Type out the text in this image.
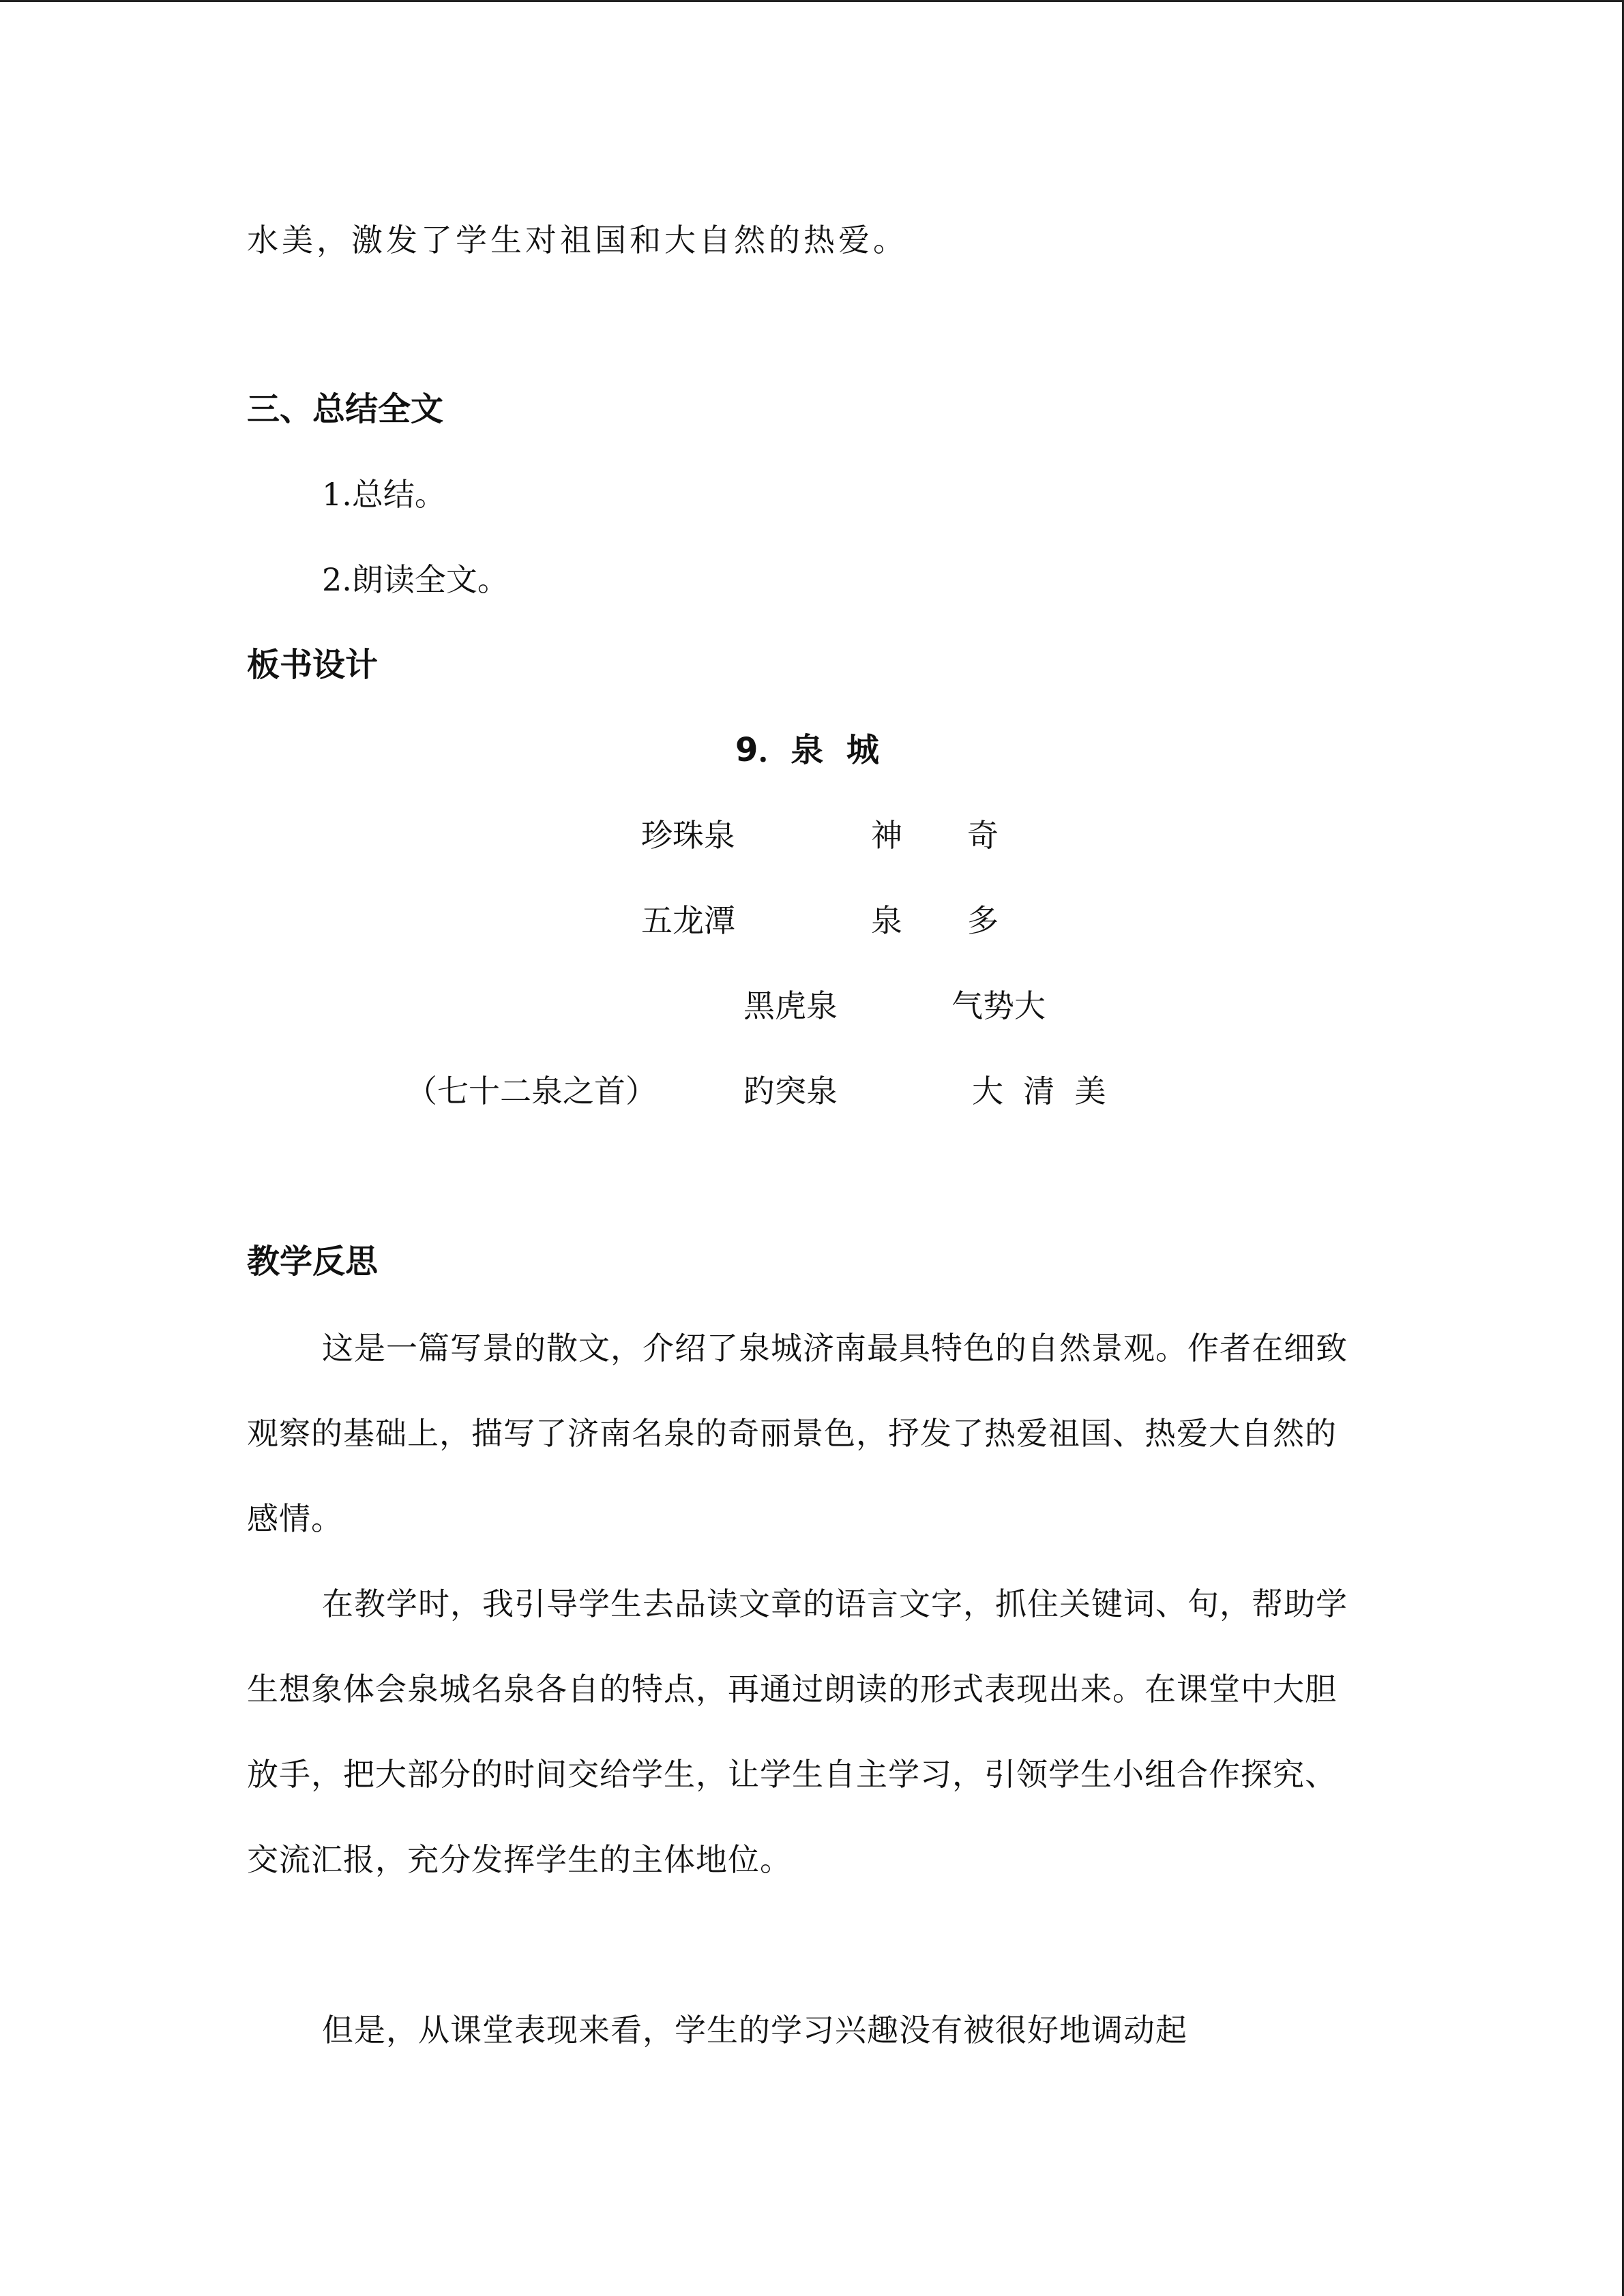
水美，激发了学生对祖国和大自然的热爱。
三、总结全文
1.总结。
2.朗读全文。
板书设计
9．泉  城
珍珠泉	神 奇
五龙潭	泉 多
黑虎泉	气势大
（七十二泉之首）	趵突泉	大  清  美
教学反思
这是一篇写景的散文，介绍了泉城济南最具特色的自然景观。作者在细致观察的基础上，描写了济南名泉的奇丽景色，抒发了热爱祖国、热爱大自然的感情。
在教学时，我引导学生去品读文章的语言文字，抓住关键词、句，帮助学生想象体会泉城名泉各自的特点，再通过朗读的形式表现出来。在课堂中大胆放手，把大部分的时间交给学生，让学生自主学习，引领学生小组合作探究、交流汇报，充分发挥学生的主体地位。
但是，从课堂表现来看，学生的学习兴趣没有被很好地调动起
